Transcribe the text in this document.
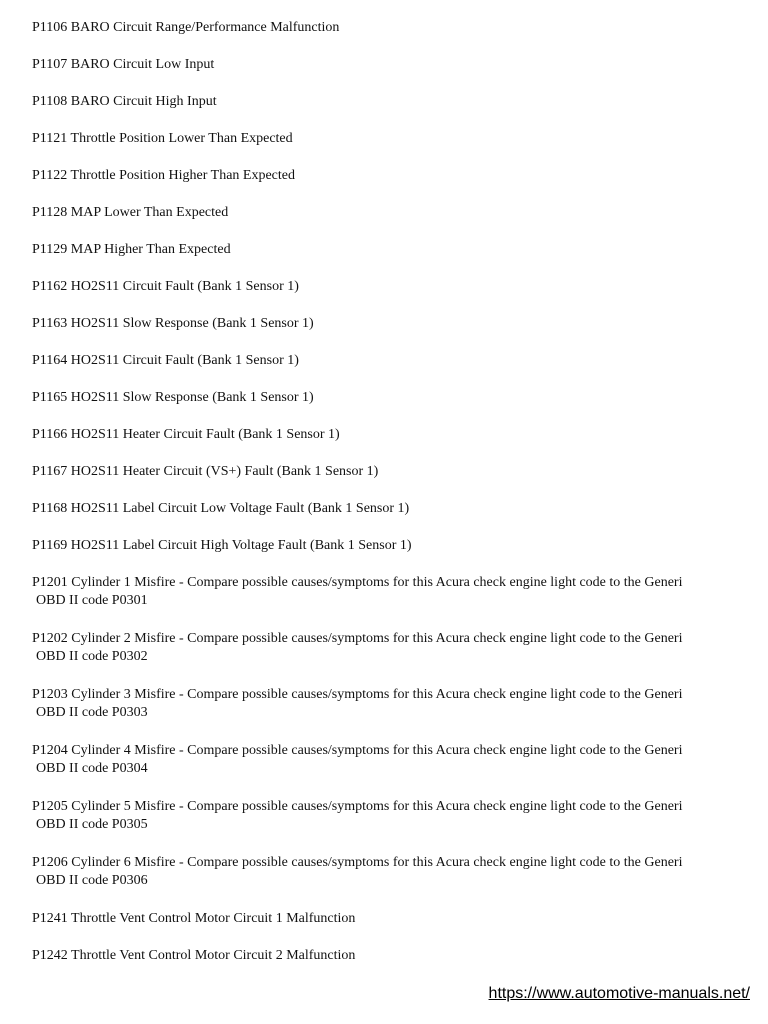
P1106 BARO Circuit Range/Performance Malfunction
P1107 BARO Circuit Low Input
P1108 BARO Circuit High Input
P1121 Throttle Position Lower Than Expected
P1122 Throttle Position Higher Than Expected
P1128 MAP Lower Than Expected
P1129 MAP Higher Than Expected
P1162 HO2S11 Circuit Fault (Bank 1 Sensor 1)
P1163 HO2S11 Slow Response (Bank 1 Sensor 1)
P1164 HO2S11 Circuit Fault (Bank 1 Sensor 1)
P1165 HO2S11 Slow Response (Bank 1 Sensor 1)
P1166 HO2S11 Heater Circuit Fault (Bank 1 Sensor 1)
P1167 HO2S11 Heater Circuit (VS+) Fault (Bank 1 Sensor 1)
P1168 HO2S11 Label Circuit Low Voltage Fault (Bank 1 Sensor 1)
P1169 HO2S11 Label Circuit High Voltage Fault (Bank 1 Sensor 1)
P1201 Cylinder 1 Misfire - Compare possible causes/symptoms for this Acura check engine light code to the Generi
OBD II code P0301
P1202 Cylinder 2 Misfire - Compare possible causes/symptoms for this Acura check engine light code to the Generi
OBD II code P0302
P1203 Cylinder 3 Misfire - Compare possible causes/symptoms for this Acura check engine light code to the Generi
OBD II code P0303
P1204 Cylinder 4 Misfire - Compare possible causes/symptoms for this Acura check engine light code to the Generi
OBD II code P0304
P1205 Cylinder 5 Misfire - Compare possible causes/symptoms for this Acura check engine light code to the Generi
OBD II code P0305
P1206 Cylinder 6 Misfire - Compare possible causes/symptoms for this Acura check engine light code to the Generi
OBD II code P0306
P1241 Throttle Vent Control Motor Circuit 1 Malfunction
P1242 Throttle Vent Control Motor Circuit 2 Malfunction
https://www.automotive-manuals.net/
